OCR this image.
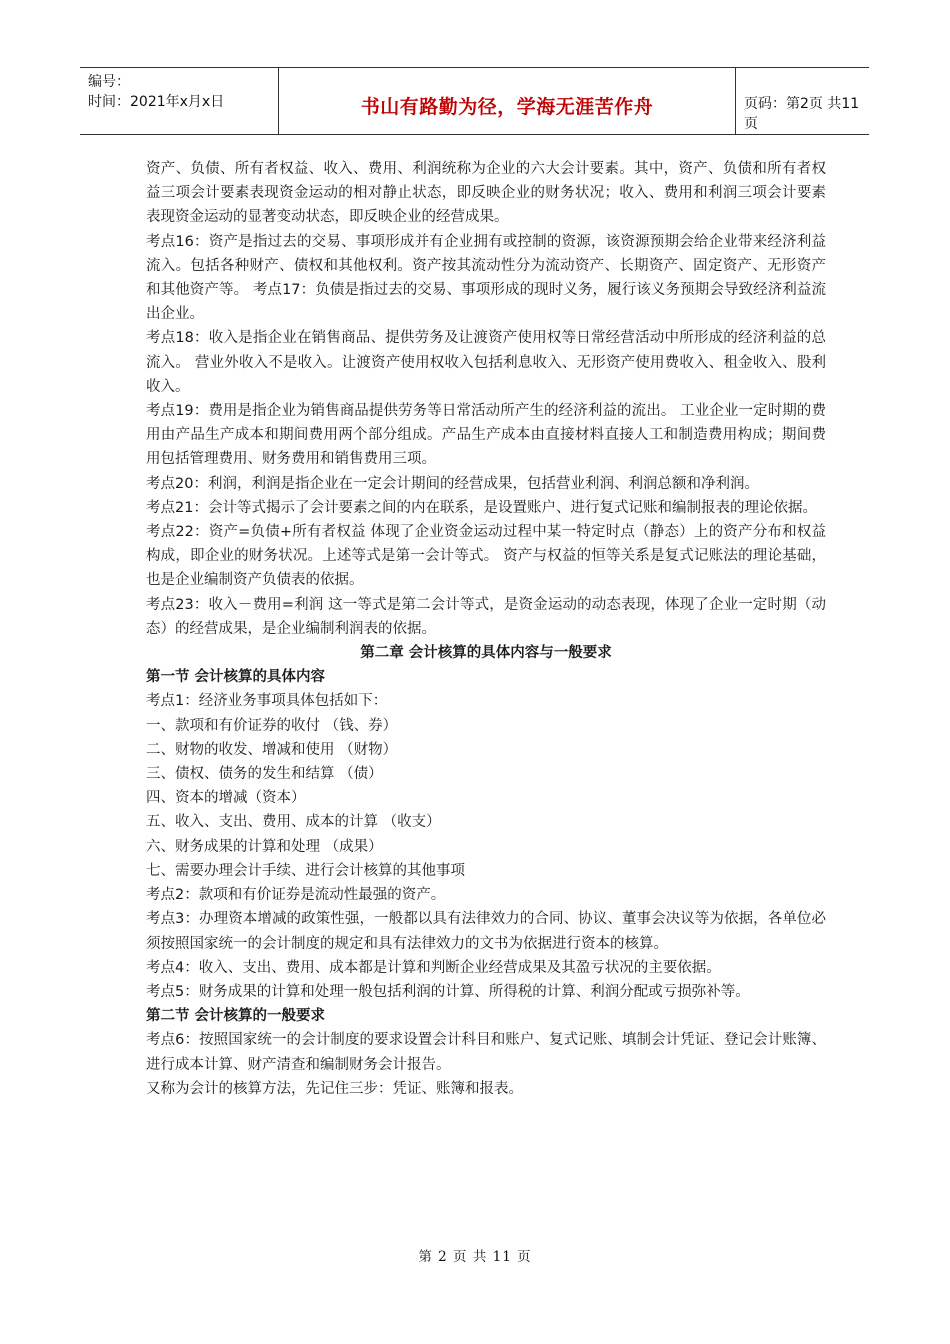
编号：
时间：2021年x月x日	书山有路勤为径，学海无涯苦作舟	页码：第2页 共11页

资产、负债、所有者权益、收入、费用、利润统称为企业的六大会计要素。其中，资产、负债和所有者权益三项会计要素表现资金运动的相对静止状态，即反映企业的财务状况；收入、费用和利润三项会计要素表现资金运动的显著变动状态，即反映企业的经营成果。

考点16：资产是指过去的交易、事项形成并有企业拥有或控制的资源，该资源预期会给企业带来经济利益流入。包括各种财产、债权和其他权利。资产按其流动性分为流动资产、长期资产、固定资产、无形资产和其他资产等。 考点17：负债是指过去的交易、事项形成的现时义务，履行该义务预期会导致经济利益流出企业。

考点18：收入是指企业在销售商品、提供劳务及让渡资产使用权等日常经营活动中所形成的经济利益的总流入。 营业外收入不是收入。让渡资产使用权收入包括利息收入、无形资产使用费收入、租金收入、股利收入。

考点19：费用是指企业为销售商品提供劳务等日常活动所产生的经济利益的流出。 工业企业一定时期的费用由产品生产成本和期间费用两个部分组成。产品生产成本由直接材料直接人工和制造费用构成；期间费用包括管理费用、财务费用和销售费用三项。

考点20：利润，利润是指企业在一定会计期间的经营成果，包括营业利润、利润总额和净利润。

考点21：会计等式揭示了会计要素之间的内在联系，是设置账户、进行复式记账和编制报表的理论依据。

考点22：资产=负债+所有者权益 体现了企业资金运动过程中某一特定时点（静态）上的资产分布和权益构成，即企业的财务状况。上述等式是第一会计等式。 资产与权益的恒等关系是复式记账法的理论基础，也是企业编制资产负债表的依据。

考点23：收入－费用=利润 这一等式是第二会计等式，是资金运动的动态表现，体现了企业一定时期（动态）的经营成果，是企业编制利润表的依据。

第二章 会计核算的具体内容与一般要求

第一节 会计核算的具体内容

考点1：经济业务事项具体包括如下：

一、款项和有价证券的收付 （钱、券）

二、财物的收发、增减和使用 （财物）

三、债权、债务的发生和结算 （债）

四、资本的增减（资本）

五、收入、支出、费用、成本的计算 （收支）

六、财务成果的计算和处理 （成果）

七、需要办理会计手续、进行会计核算的其他事项

考点2：款项和有价证券是流动性最强的资产。

考点3：办理资本增减的政策性强，一般都以具有法律效力的合同、协议、董事会决议等为依据，各单位必须按照国家统一的会计制度的规定和具有法律效力的文书为依据进行资本的核算。

考点4：收入、支出、费用、成本都是计算和判断企业经营成果及其盈亏状况的主要依据。

考点5：财务成果的计算和处理一般包括利润的计算、所得税的计算、利润分配或亏损弥补等。

第二节 会计核算的一般要求

考点6：按照国家统一的会计制度的要求设置会计科目和账户、复式记账、填制会计凭证、登记会计账簿、进行成本计算、财产清查和编制财务会计报告。

又称为会计的核算方法，先记住三步：凭证、账簿和报表。

第 2 页 共 11 页
